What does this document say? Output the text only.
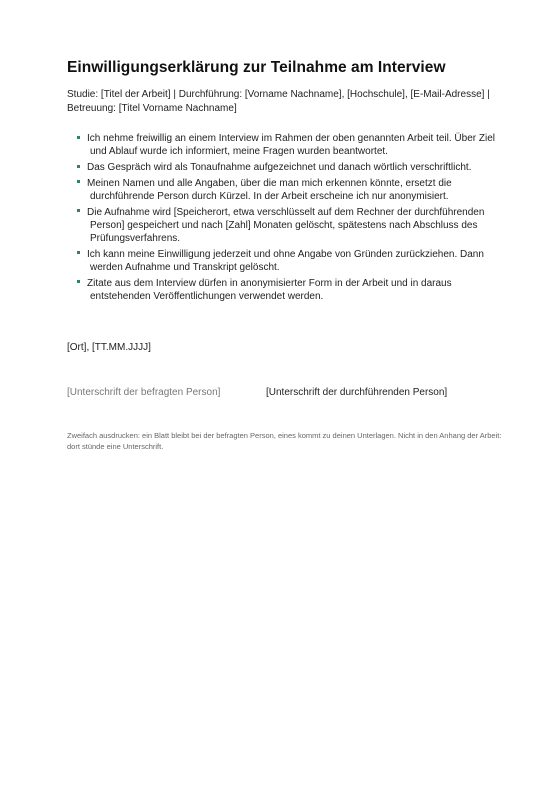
Einwilligungserklärung zur Teilnahme am Interview
Studie: [Titel der Arbeit] | Durchführung: [Vorname Nachname], [Hochschule], [E-Mail-Adresse] | Betreuung: [Titel Vorname Nachname]
Ich nehme freiwillig an einem Interview im Rahmen der oben genannten Arbeit teil. Über Ziel und Ablauf wurde ich informiert, meine Fragen wurden beantwortet.
Das Gespräch wird als Tonaufnahme aufgezeichnet und danach wörtlich verschriftlicht.
Meinen Namen und alle Angaben, über die man mich erkennen könnte, ersetzt die durchführende Person durch Kürzel. In der Arbeit erscheine ich nur anonymisiert.
Die Aufnahme wird [Speicherort, etwa verschlüsselt auf dem Rechner der durchführenden Person] gespeichert und nach [Zahl] Monaten gelöscht, spätestens nach Abschluss des Prüfungsverfahrens.
Ich kann meine Einwilligung jederzeit und ohne Angabe von Gründen zurückziehen. Dann werden Aufnahme und Transkript gelöscht.
Zitate aus dem Interview dürfen in anonymisierter Form in der Arbeit und in daraus entstehenden Veröffentlichungen verwendet werden.
[Ort], [TT.MM.JJJJ]
[Unterschrift der befragten Person]	[Unterschrift der durchführenden Person]
Zweifach ausdrucken: ein Blatt bleibt bei der befragten Person, eines kommt zu deinen Unterlagen. Nicht in den Anhang der Arbeit: dort stünde eine Unterschrift.
